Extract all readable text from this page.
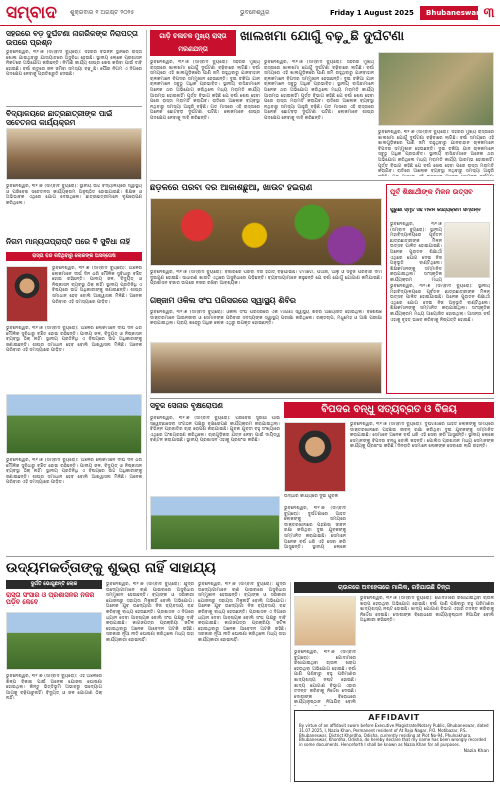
ସମ୍ବାଦ	ଶୁକ୍ରବାର ୧ ଅଗଷ୍ଟ ୨୦୨୫	ଭୁବନେଶ୍ୱର	Friday 1 August 2025	Bhubaneswar ୩
ସହରରେ ବଡ଼ ଦୁର୍ଘଟଣା ନାଗରିକଙ୍କ ନିରାପତ୍ତା ଉପରେ ପ୍ରଶ୍ନ
ଭୁବନେଶ୍ୱର, ୩୧।୭ (ସମ୍ବାଦ ବ୍ୟୁରୋ): ସହରର ବିଭିନ୍ନ ସ୍ଥାନରେ ରାସ୍ତା ଖୋଳା ଯାଇଥିବାରୁ ଯାତାୟାତରେ ଅସୁବିଧା ହେଉଛି। ସ୍ଥାନୀୟ ଲୋକେ ପ୍ରଶାସନ ନିକଟରେ ଅଭିଯୋଗ କରିଛନ୍ତି। ନିର୍ମାଣ କାର୍ଯ୍ୟ ଶୀଘ୍ର ଶେଷ କରିବା ପାଇଁ ଦାବି ହୋଇଛି। ବର୍ଷା ଋତୁରେ ଜଳ ଜମିବା ସମସ୍ୟା ବଢ଼ୁଛି। ପୌର ନିଗମ ଏ ଦିଗରେ ପଦକ୍ଷେପ ନେବାକୁ ପ୍ରତିଶ୍ରୁତି ଦେଇଛି।
ବିଦ୍ୟାଳୟରେ ଛାତ୍ରଛାତ୍ରୀଙ୍କ ପାଇଁ ସଚେତନତା କାର୍ଯ୍ୟକ୍ରମ
ଭୁବନେଶ୍ୱର, ୩୧।୭ (ସମ୍ବାଦ ବ୍ୟୁରୋ): ସ୍ଥାନୀୟ ଉଚ୍ଚ ବିଦ୍ୟାଳୟରେ ସ୍ୱାସ୍ଥ୍ୟ ଓ ପରିବେଶ ସଚେତନତା କାର୍ଯ୍ୟକ୍ରମ ଅନୁଷ୍ଠିତ ହୋଇଯାଇଛି। ଶିକ୍ଷକ ଓ ଅଭିଭାବକ ଏଥିରେ ଯୋଗ ଦେଇଥିଲେ। ଛାତ୍ରଛାତ୍ରୀମାନେ ବୃକ୍ଷରୋପଣ କରିଥିଲେ।
ନିଗମ ମାନ୍ୟତାପ୍ରାପ୍ତି ପରେ ବି ସୁବିଧା ନାହିଁ
ରାସ୍ତା ବନ୍ଦ ରହିଥିବାରୁ ଲୋକଙ୍କ ଅସନ୍ତୋଷ
ଭୁବନେଶ୍ୱର, ୩୧।୭ (ସମ୍ବାଦ ବ୍ୟୁରୋ): ଅଞ୍ଚଳର ଲୋକମାନେ ଦୀର୍ଘ ଦିନ ଧରି ମୌଳିକ ସୁବିଧାରୁ ବଞ୍ଚିତ ହୋଇ ରହିଛନ୍ତି। ପାନୀୟ ଜଳ, ବିଦ୍ୟୁତ୍ ଓ ନିଷ୍କାସନ ବ୍ୟବସ୍ଥା ଠିକ୍ ନାହିଁ। ସ୍ଥାନୀୟ ପ୍ରତିନିଧି ଏ ବିଷୟରେ ଉଚ୍ଚ ଅଧିକାରୀଙ୍କୁ ଜଣାଇଛନ୍ତି। ଶୀଘ୍ର ସମାଧାନ ହେବ ବୋଲି ଆଶ୍ୱାସନା ମିଳିଛି। ଅନେକ ପରିବାର ଏହି ସମସ୍ୟାରେ ପୀଡ଼ିତ।
ଭୁବନେଶ୍ୱର, ୩୧।୭ (ସମ୍ବାଦ ବ୍ୟୁରୋ): ଅଞ୍ଚଳର ଲୋକମାନେ ଦୀର୍ଘ ଦିନ ଧରି ମୌଳିକ ସୁବିଧାରୁ ବଞ୍ଚିତ ହୋଇ ରହିଛନ୍ତି। ପାନୀୟ ଜଳ, ବିଦ୍ୟୁତ୍ ଓ ନିଷ୍କାସନ ବ୍ୟବସ୍ଥା ଠିକ୍ ନାହିଁ। ସ୍ଥାନୀୟ ପ୍ରତିନିଧି ଏ ବିଷୟରେ ଉଚ୍ଚ ଅଧିକାରୀଙ୍କୁ ଜଣାଇଛନ୍ତି। ଶୀଘ୍ର ସମାଧାନ ହେବ ବୋଲି ଆଶ୍ୱାସନା ମିଳିଛି। ଅନେକ ପରିବାର ଏହି ସମସ୍ୟାରେ ପୀଡ଼ିତ।
ଭୁବନେଶ୍ୱର, ୩୧।୭ (ସମ୍ବାଦ ବ୍ୟୁରୋ): ଅଞ୍ଚଳର ଲୋକମାନେ ଦୀର୍ଘ ଦିନ ଧରି ମୌଳିକ ସୁବିଧାରୁ ବଞ୍ଚିତ ହୋଇ ରହିଛନ୍ତି। ପାନୀୟ ଜଳ, ବିଦ୍ୟୁତ୍ ଓ ନିଷ୍କାସନ ବ୍ୟବସ୍ଥା ଠିକ୍ ନାହିଁ। ସ୍ଥାନୀୟ ପ୍ରତିନିଧି ଏ ବିଷୟରେ ଉଚ୍ଚ ଅଧିକାରୀଙ୍କୁ ଜଣାଇଛନ୍ତି। ଶୀଘ୍ର ସମାଧାନ ହେବ ବୋଲି ଆଶ୍ୱାସନା ମିଳିଛି। ଅନେକ ପରିବାର ଏହି ସମସ୍ୟାରେ ପୀଡ଼ିତ।
ଗାଡ଼ି ଚଳାଚଳ ମୁଖ୍ୟ ରାସ୍ତା ମରଣଯନ୍ତା
ଖାଲଖମା ଯୋଗୁଁ ବଢ଼ୁଛି ଦୁର୍ଘଟଣା
ଭୁବନେଶ୍ୱର, ୩୧।୭ (ସମ୍ବାଦ ବ୍ୟୁରୋ): ସହରର ମୁଖ୍ୟ ରାସ୍ତାରେ ଖାଲଖମା ଯୋଗୁଁ ଦୁର୍ଘଟଣା ବଢ଼ିବାରେ ଲାଗିଛି। ବର୍ଷା ସମୟରେ ଏହି ଖାଲଗୁଡ଼ିକରେ ପାଣି ଜମି ରହୁଥିବାରୁ ଯାନବାହାନ ଚାଳକମାନେ ବିପଦର ସମ୍ମୁଖୀନ ହେଉଛନ୍ତି। ଦୁଇ ଚକିଆ ଯାନ ଚାଳକମାନେ ସବୁଠୁ ଅଧିକ ପ୍ରଭାବିତ। ସ୍ଥାନୀୟ ବାସିନ୍ଦାମାନେ ଅନେକ ଥର ଅଭିଯୋଗ କରିଥିଲେ ମଧ୍ୟ ମରାମତି କାର୍ଯ୍ୟ ଆରମ୍ଭ ହୋଇନାହିଁ। ପୂର୍ତ୍ତ ବିଭାଗ କହିଛି ଯେ ବର୍ଷା ଶେଷ ହେବା ପରେ ରାସ୍ତା ମରାମତି କରାଯିବ। ରାତିରେ ଆଲୋକ ବ୍ୟବସ୍ଥା ନଥିବାରୁ ସମସ୍ୟା ଆହୁରି ବଢ଼ିଛି। ଗତ ମାସରେ ଏହି ରାସ୍ତାରେ ଅନେକ ଛୋଟବଡ଼ ଦୁର୍ଘଟଣା ଘଟିଛି। ଲୋକମାନେ ଶୀଘ୍ର ପଦକ୍ଷେପ ନେବାକୁ ଦାବି କରିଛନ୍ତି।
ଭୁବନେଶ୍ୱର, ୩୧।୭ (ସମ୍ବାଦ ବ୍ୟୁରୋ): ସହରର ମୁଖ୍ୟ ରାସ୍ତାରେ ଖାଲଖମା ଯୋଗୁଁ ଦୁର୍ଘଟଣା ବଢ଼ିବାରେ ଲାଗିଛି। ବର୍ଷା ସମୟରେ ଏହି ଖାଲଗୁଡ଼ିକରେ ପାଣି ଜମି ରହୁଥିବାରୁ ଯାନବାହାନ ଚାଳକମାନେ ବିପଦର ସମ୍ମୁଖୀନ ହେଉଛନ୍ତି। ଦୁଇ ଚକିଆ ଯାନ ଚାଳକମାନେ ସବୁଠୁ ଅଧିକ ପ୍ରଭାବିତ। ସ୍ଥାନୀୟ ବାସିନ୍ଦାମାନେ ଅନେକ ଥର ଅଭିଯୋଗ କରିଥିଲେ ମଧ୍ୟ ମରାମତି କାର୍ଯ୍ୟ ଆରମ୍ଭ ହୋଇନାହିଁ। ପୂର୍ତ୍ତ ବିଭାଗ କହିଛି ଯେ ବର୍ଷା ଶେଷ ହେବା ପରେ ରାସ୍ତା ମରାମତି କରାଯିବ। ରାତିରେ ଆଲୋକ ବ୍ୟବସ୍ଥା ନଥିବାରୁ ସମସ୍ୟା ଆହୁରି ବଢ଼ିଛି। ଗତ ମାସରେ ଏହି ରାସ୍ତାରେ ଅନେକ ଛୋଟବଡ଼ ଦୁର୍ଘଟଣା ଘଟିଛି। ଲୋକମାନେ ଶୀଘ୍ର ପଦକ୍ଷେପ ନେବାକୁ ଦାବି କରିଛନ୍ତି।
ଭୁବନେଶ୍ୱର, ୩୧।୭ (ସମ୍ବାଦ ବ୍ୟୁରୋ): ସହରର ମୁଖ୍ୟ ରାସ୍ତାରେ ଖାଲଖମା ଯୋଗୁଁ ଦୁର୍ଘଟଣା ବଢ଼ିବାରେ ଲାଗିଛି। ବର୍ଷା ସମୟରେ ଏହି ଖାଲଗୁଡ଼ିକରେ ପାଣି ଜମି ରହୁଥିବାରୁ ଯାନବାହାନ ଚାଳକମାନେ ବିପଦର ସମ୍ମୁଖୀନ ହେଉଛନ୍ତି। ଦୁଇ ଚକିଆ ଯାନ ଚାଳକମାନେ ସବୁଠୁ ଅଧିକ ପ୍ରଭାବିତ। ସ୍ଥାନୀୟ ବାସିନ୍ଦାମାନେ ଅନେକ ଥର ଅଭିଯୋଗ କରିଥିଲେ ମଧ୍ୟ ମରାମତି କାର୍ଯ୍ୟ ଆରମ୍ଭ ହୋଇନାହିଁ। ପୂର୍ତ୍ତ ବିଭାଗ କହିଛି ଯେ ବର୍ଷା ଶେଷ ହେବା ପରେ ରାସ୍ତା ମରାମତି କରାଯିବ। ରାତିରେ ଆଲୋକ ବ୍ୟବସ୍ଥା ନଥିବାରୁ ସମସ୍ୟା ଆହୁରି
ଛିଡ଼ିଳରେ ପରିବା ଦର ଆକାଶଛୁଆଁ, ଖାଉଟି ହଇରାଣ
ଭୁବନେଶ୍ୱର, ୩୧।୭ (ସମ୍ବାଦ ବ୍ୟୁରୋ): ବଜାରରେ ପରିବା ଦର ହଠାତ୍ ବଢ଼ିଯାଇଛି। ଟମାଟୋ, ପିଆଜ, ଆଳୁ ଓ ସବୁଜ ପରିବାର ଦାମ ଦୁଇଗୁଣ ହୋଇଛି। ସାଧାରଣ ଖାଉଟି ଏଥିରେ ଅସୁବିଧାରେ ପଡ଼ିଛନ୍ତି। ବ୍ୟବସାୟୀମାନେ କହୁଛନ୍ତି ଯେ ବର୍ଷା ଯୋଗୁଁ ଯୋଗାଣ କମିଯାଇଛି। ପ୍ରଶାସନ ବଜାର ଉପରେ ନଜର ରଖିବା ଆବଶ୍ୟକ।
ପୂର୍ବ ଶିକ୍ଷାର୍ଥୀଙ୍କ ମିଳନ ଉତ୍ସବ
ପୁରୁଣା ସ୍ମୃତି ସହ ମିଳନ କାର୍ଯ୍ୟକ୍ରମ ସମ୍ପନ୍ନ
ଭୁବନେଶ୍ୱର, ୩୧।୭ (ସମ୍ବାଦ ବ୍ୟୁରୋ): ସ୍ଥାନୀୟ ମହାବିଦ୍ୟାଳୟରେ ପୂର୍ବତନ ଛାତ୍ରଛାତ୍ରୀଙ୍କ ମିଳନ ଉତ୍ସବ ପାଳିତ ହୋଇଯାଇଛି। ଅନେକ ପୁରାତନ ଶିକ୍ଷାର୍ଥୀ ଏଥିରେ ଯୋଗ ଦେଇ ନିଜ ଅନୁଭୂତି ବାଣ୍ଟିଥିଲେ। ଶିକ୍ଷକମାନଙ୍କୁ ସମ୍ମାନିତ କରାଯାଇଥିଲା। ସାଂସ୍କୃତିକ କାର୍ଯ୍ୟକ୍ରମ ମଧ୍ୟ
ଭୁବନେଶ୍ୱର, ୩୧।୭ (ସମ୍ବାଦ ବ୍ୟୁରୋ): ସ୍ଥାନୀୟ ମହାବିଦ୍ୟାଳୟରେ ପୂର୍ବତନ ଛାତ୍ରଛାତ୍ରୀଙ୍କ ମିଳନ ଉତ୍ସବ ପାଳିତ ହୋଇଯାଇଛି। ଅନେକ ପୁରାତନ ଶିକ୍ଷାର୍ଥୀ ଏଥିରେ ଯୋଗ ଦେଇ ନିଜ ଅନୁଭୂତି ବାଣ୍ଟିଥିଲେ। ଶିକ୍ଷକମାନଙ୍କୁ ସମ୍ମାନିତ କରାଯାଇଥିଲା। ସାଂସ୍କୃତିକ କାର୍ଯ୍ୟକ୍ରମ ମଧ୍ୟ ଆୟୋଜିତ ହୋଇଥିଲା। ଆସନ୍ତା ବର୍ଷ ଏହାକୁ ବୃହତ୍ ଭାବେ କରିବାକୁ ନିଷ୍ପତ୍ତି ହୋଇଛି।
ଗଞ୍ଜାମ ଓକିଲ ସଂଘ ପରିସରରେ ସ୍ୱାସ୍ଥ୍ୟ ଶିବିର
ଭୁବନେଶ୍ୱର, ୩୧।୭ (ସମ୍ବାଦ ବ୍ୟୁରୋ): ଓକିଲ ସଂଘ ପରିସରରେ ଏକ ମାଗଣା ସ୍ୱାସ୍ଥ୍ୟ ଶିବିର ଆୟୋଜିତ ହୋଇଥିଲା। ବିଶେଷଜ୍ଞ ଡାକ୍ତରମାନେ ଆଇନଜୀବୀ ଓ ସେମାନଙ୍କ ପରିବାର ସଦସ୍ୟଙ୍କ ସ୍ୱାସ୍ଥ୍ୟ ପରୀକ୍ଷା କରିଥିଲେ। ରକ୍ତଚାପ, ମଧୁମେହ ଓ ଆଖି ପରୀକ୍ଷା କରାଯାଇଥିଲା। ପ୍ରାୟ ଶହେରୁ ଅଧିକ ଲୋକ ଏଥିରୁ ଉପକୃତ ହୋଇଛନ୍ତି।
ସବୁଜ ସେନାର ବୃକ୍ଷରୋପଣ
ଭୁବନେଶ୍ୱର, ୩୧।୭ (ସମ୍ବାଦ ବ୍ୟୁରୋ): ପରିବେଶ ସୁରକ୍ଷା ପାଇଁ ସ୍ୱେଚ୍ଛାସେବୀ ସଂଗଠନ ପକ୍ଷରୁ ବୃକ୍ଷରୋପଣ କାର୍ଯ୍ୟକ୍ରମ କରାଯାଇଥିଲା। ବିଭିନ୍ନ ପ୍ରଜାତିର ଚାରା ରୋପଣ କରାଯାଇଛି। ଯୁବକ ଯୁବତୀ ବହୁ ସଂଖ୍ୟାରେ ଏଥିରେ ଅଂଶଗ୍ରହଣ କରିଥିଲେ। ଚାରାଗୁଡ଼ିକର ଯତ୍ନ ନେବା ପାଇଁ ଦାୟିତ୍ୱ ବଣ୍ଟନ କରାଯାଇଛି। ସ୍ଥାନୀୟ ପ୍ରଶାସନ ଏହାକୁ ପ୍ରଶଂସା କରିଛି।
ବିପଦର ବନ୍ଧୁ ସତ୍ୟବ୍ରତ ଓ ବିଜୟ
ଉଦ୍ଧାର କାର୍ଯ୍ୟରେ ଦୁଇ ଯୁବକ
ଭୁବନେଶ୍ୱର, ୩୧।୭ (ସମ୍ବାଦ ବ୍ୟୁରୋ): ଦୁର୍ଘଟଣାରେ ଆହତ ଲୋକଙ୍କୁ ସମୟରେ ଡାକ୍ତରଖାନାରେ ପହଞ୍ଚାଇ ଜୀବନ ରକ୍ଷା କରିଥିବା ଦୁଇ ଯୁବକଙ୍କୁ ସମ୍ମାନିତ କରାଯାଇଛି। ସେମାନେ ଅନେକ ବର୍ଷ ଧରି ଏହି ସେବା କରି ଆସୁଛନ୍ତି। ସ୍ଥାନୀୟ ଲୋକେ ସେମାନଙ୍କୁ ବିପଦର ବନ୍ଧୁ ବୋଲି କହନ୍ତି। ପୋଲିସ ପ୍ରଶାସନ ମଧ୍ୟ ସେମାନଙ୍କ କାର୍ଯ୍ୟକୁ ପ୍ରଶଂସା କରିଛି। ଦିନରାତି ସେମାନେ ଲୋକଙ୍କ ସେବାରେ ଲାଗି ରହନ୍ତି।
ଭୁବନେଶ୍ୱର, ୩୧।୭ (ସମ୍ବାଦ ବ୍ୟୁରୋ): ଦୁର୍ଘଟଣାରେ ଆହତ ଲୋକଙ୍କୁ ସମୟରେ ଡାକ୍ତରଖାନାରେ ପହଞ୍ଚାଇ ଜୀବନ ରକ୍ଷା କରିଥିବା ଦୁଇ ଯୁବକଙ୍କୁ ସମ୍ମାନିତ କରାଯାଇଛି। ସେମାନେ ଅନେକ ବର୍ଷ ଧରି ଏହି ସେବା କରି ଆସୁଛନ୍ତି। ସ୍ଥାନୀୟ ଲୋକେ
ଉଦ୍ୟମକର୍ତ୍ତାଙ୍କୁ ଶୁଭ୍ରା ନାହିଁ ସାହାଯ୍ୟ
ଦୁର୍ଗତି ଭୋଗୁଛନ୍ତି ଲୋକ
ରାସ୍ତା ସଂସାର ଓ ପ୍ରଶାସନର ନଜର ପଡ଼ିବ କେବେ
ଭୁବନେଶ୍ୱର, ୩୧।୭ (ସମ୍ବାଦ ବ୍ୟୁରୋ): ଏହି ଅଞ୍ଚଳରେ ଶିଳ୍ପ ବିକାଶ ପାଇଁ ଅନେକ ଯୋଜନା ଘୋଷଣା ହୋଇଥିଲା। କିନ୍ତୁ ଭିତ୍ତିଭୂମି ଅଭାବରୁ ଉଦ୍ୟୋଗ ଆଗକୁ ବଢ଼ିପାରୁନାହିଁ। ବିଦ୍ୟୁତ୍ ଓ ଜଳ ଯୋଗାଣ ଠିକ୍ ନାହିଁ।
ଭୁବନେଶ୍ୱର, ୩୧।୭ (ସମ୍ବାଦ ବ୍ୟୁରୋ): କ୍ଷୁଦ୍ର ଉଦ୍ୟୋଗୀମାନେ ଋଣ ପାଇବାରେ ଅସୁବିଧାର ସମ୍ମୁଖୀନ ହେଉଛନ୍ତି। ବ୍ୟାଙ୍କ ଓ ସରକାରୀ ଯୋଜନାରୁ ସହାୟତା ମିଳୁନାହିଁ ବୋଲି ଅଭିଯୋଗ। ଅନେକ ଯୁବ ଉଦ୍ୟୋଗୀ ନିଜ ବ୍ୟବସାୟ ବନ୍ଦ କରିବାକୁ ବାଧ୍ୟ ହେଉଛନ୍ତି। ପ୍ରଶାସନ ଏ ଦିଗରେ ଧ୍ୟାନ ଦେବା ଆବଶ୍ୟକ ବୋଲି ସଂଘ ପକ୍ଷରୁ ଦାବି କରାଯାଇଛି। କାଗଜପତ୍ର ପ୍ରକ୍ରିୟା ଜଟିଳ ହୋଇଥିବାରୁ ଅନେକ ଆବେଦନ ଅଟକି ରହିଛି। ସରକାର ନୂଆ ନୀତି ଘୋଷଣା କରିଥିଲେ ମଧ୍ୟ ତାହା କାର୍ଯ୍ୟକାରୀ ହୋଇନାହିଁ।
ଭୁବନେଶ୍ୱର, ୩୧।୭ (ସମ୍ବାଦ ବ୍ୟୁରୋ): କ୍ଷୁଦ୍ର ଉଦ୍ୟୋଗୀମାନେ ଋଣ ପାଇବାରେ ଅସୁବିଧାର ସମ୍ମୁଖୀନ ହେଉଛନ୍ତି। ବ୍ୟାଙ୍କ ଓ ସରକାରୀ ଯୋଜନାରୁ ସହାୟତା ମିଳୁନାହିଁ ବୋଲି ଅଭିଯୋଗ। ଅନେକ ଯୁବ ଉଦ୍ୟୋଗୀ ନିଜ ବ୍ୟବସାୟ ବନ୍ଦ କରିବାକୁ ବାଧ୍ୟ ହେଉଛନ୍ତି। ପ୍ରଶାସନ ଏ ଦିଗରେ ଧ୍ୟାନ ଦେବା ଆବଶ୍ୟକ ବୋଲି ସଂଘ ପକ୍ଷରୁ ଦାବି କରାଯାଇଛି। କାଗଜପତ୍ର ପ୍ରକ୍ରିୟା ଜଟିଳ ହୋଇଥିବାରୁ ଅନେକ ଆବେଦନ ଅଟକି ରହିଛି। ସରକାର ନୂଆ ନୀତି ଘୋଷଣା କରିଥିଲେ ମଧ୍ୟ ତାହା କାର୍ଯ୍ୟକାରୀ ହୋଇନାହିଁ।
ଚାଉଳରେ ଅବହେଳାରେ ମାଲିକ, ରହିଯାଉଛି ଚିନ୍ତା
ଭୁବନେଶ୍ୱର, ୩୧।୭ (ସମ୍ବାଦ ବ୍ୟୁରୋ): ଗୋଦାମରେ ରଖାଯାଇଥିବା ଚାଉଳ ଖରାପ ହେଉଥିବା ଅଭିଯୋଗ ହୋଇଛି। ବର୍ଷା ପାଣି ପଶିବାରୁ ବହୁ ପରିମାଣର ଖାଦ୍ୟଶସ୍ୟ ନଷ୍ଟ ହୋଇଛି। ଖାଦ୍ୟ ଯୋଗାଣ ବିଭାଗ ଏହାର ତଦନ୍ତ କରିବାକୁ ନିର୍ଦ୍ଦେଶ ଦେଇଛି। ଦୋଷୀଙ୍କ ବିରୋଧରେ କାର୍ଯ୍ୟାନୁଷ୍ଠାନ ନିଆଯିବ ବୋଲି ଅଧିକାରୀ କହିଛନ୍ତି।
ଭୁବନେଶ୍ୱର, ୩୧।୭ (ସମ୍ବାଦ ବ୍ୟୁରୋ): ଗୋଦାମରେ ରଖାଯାଇଥିବା ଚାଉଳ ଖରାପ ହେଉଥିବା ଅଭିଯୋଗ ହୋଇଛି। ବର୍ଷା ପାଣି ପଶିବାରୁ ବହୁ ପରିମାଣର ଖାଦ୍ୟଶସ୍ୟ ନଷ୍ଟ ହୋଇଛି। ଖାଦ୍ୟ ଯୋଗାଣ ବିଭାଗ ଏହାର ତଦନ୍ତ କରିବାକୁ ନିର୍ଦ୍ଦେଶ ଦେଇଛି। ଦୋଷୀଙ୍କ ବିରୋଧରେ କାର୍ଯ୍ୟାନୁଷ୍ଠାନ ନିଆଯିବ ବୋଲି
AFFIDAVIT
By virtue of an affidavit sworn before Executive Magistrate/Notary Public, Bhubaneswar, dated 31.07.2025, I, Nazia Khan, Permanent resident of At Raja Nagar, P.O. Motibazar, P.S. Bhubaneswar, District Khordha, Odisha, currently residing at Plot No-94, Phulnakhara, Bhubaneswar, Khordha, Odisha, do hereby declare that my name has been wrongly recorded in some documents. Henceforth I shall be known as Nazia Khan for all purposes.
Nazia Khan
